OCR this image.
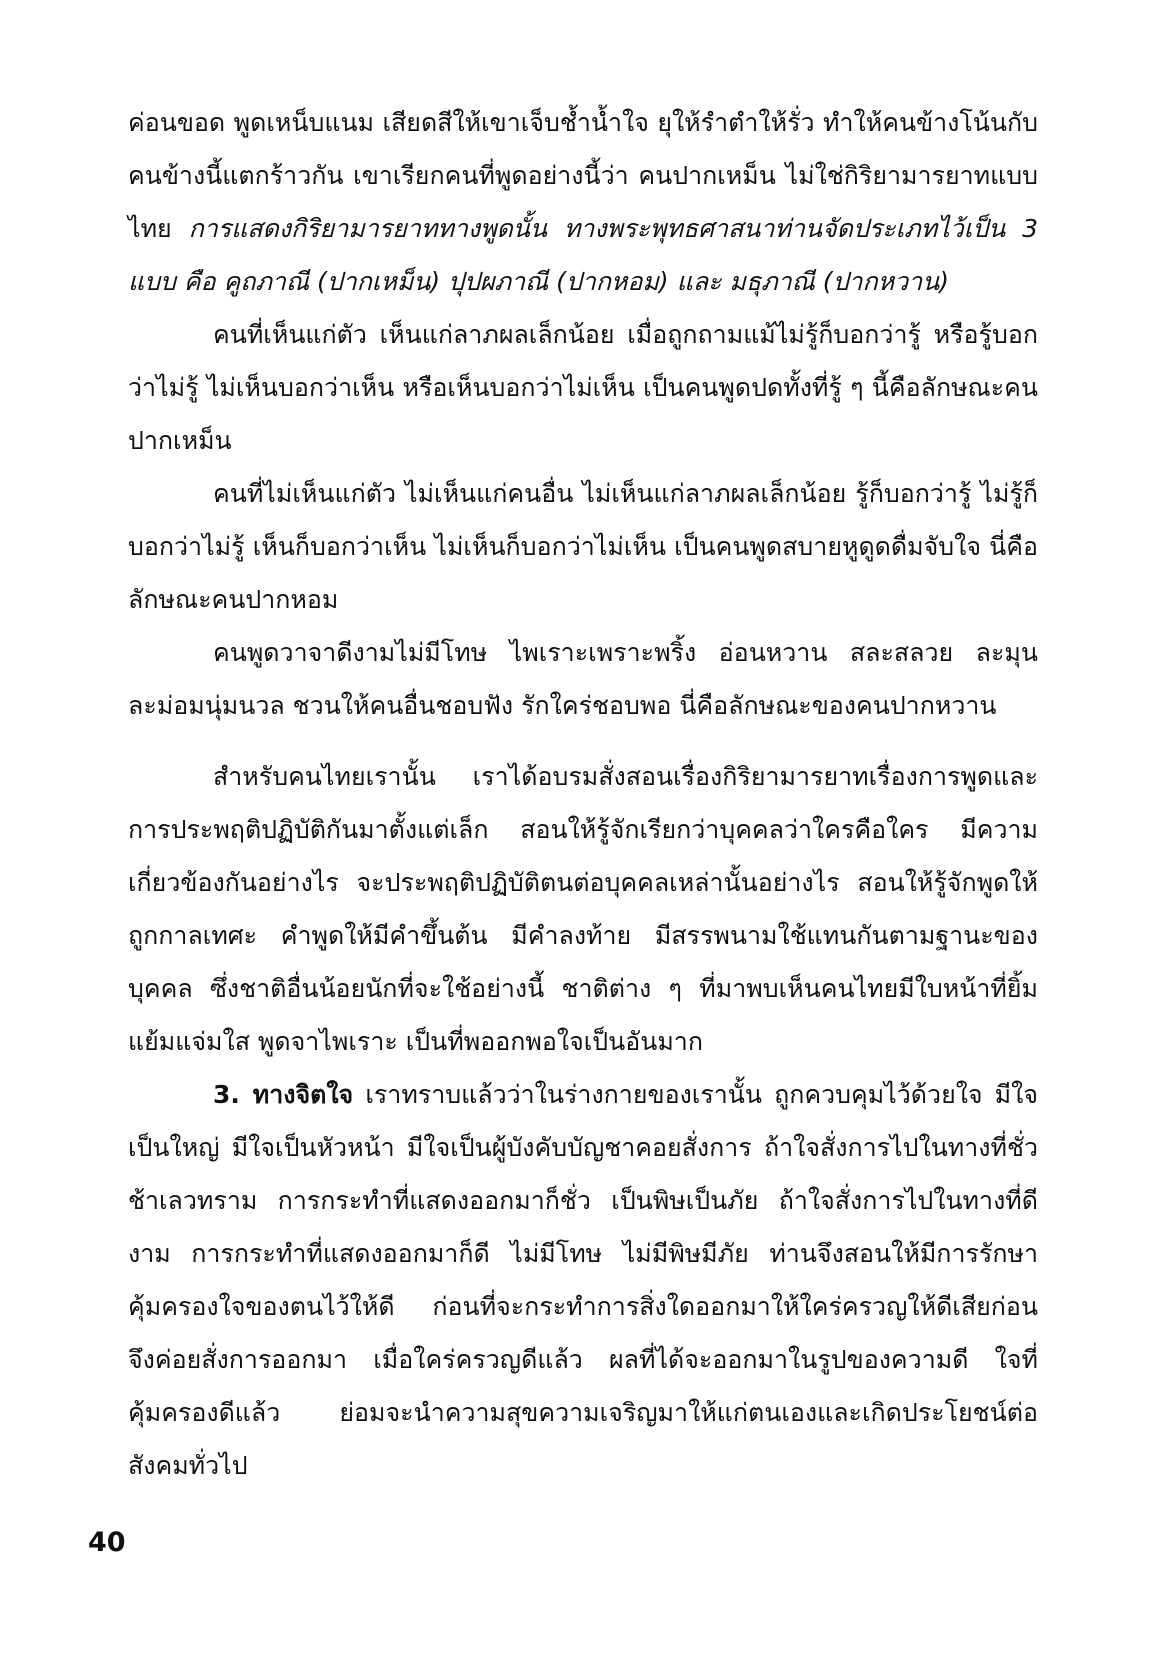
ค่อนขอด พูดเหน็บแนม เสียดสีให้เขาเจ็บช้ำน้ำใจ ยุให้รำตำให้รั่ว ทำให้คนข้างโน้นกับคนข้างนี้แตกร้าวกัน เขาเรียกคนที่พูดอย่างนี้ว่า คนปากเหม็น ไม่ใช่กิริยามารยาทแบบไทย การแสดงกิริยามารยาททางพูดนั้น ทางพระพุทธศาสนาท่านจัดประเภทไว้เป็น 3 แบบ คือ คูถภาณี (ปากเหม็น) ปุปผภาณี (ปากหอม) และ มธุภาณี (ปากหวาน)

คนที่เห็นแก่ตัว เห็นแก่ลาภผลเล็กน้อย เมื่อถูกถามแม้ไม่รู้ก็บอกว่ารู้ หรือรู้บอกว่าไม่รู้ ไม่เห็นบอกว่าเห็น หรือเห็นบอกว่าไม่เห็น เป็นคนพูดปดทั้งที่รู้ ๆ นี้คือลักษณะคนปากเหม็น

คนที่ไม่เห็นแก่ตัว ไม่เห็นแก่คนอื่น ไม่เห็นแก่ลาภผลเล็กน้อย รู้ก็บอกว่ารู้ ไม่รู้ก็บอกว่าไม่รู้ เห็นก็บอกว่าเห็น ไม่เห็นก็บอกว่าไม่เห็น เป็นคนพูดสบายหูดูดดื่มจับใจ นี่คือลักษณะคนปากหอม

คนพูดวาจาดีงามไม่มีโทษ ไพเราะเพราะพริ้ง อ่อนหวาน สละสลวย ละมุนละม่อมนุ่มนวล ชวนให้คนอื่นชอบฟัง รักใคร่ชอบพอ นี่คือลักษณะของคนปากหวาน

สำหรับคนไทยเรานั้น เราได้อบรมสั่งสอนเรื่องกิริยามารยาทเรื่องการพูดและการประพฤติปฏิบัติกันมาตั้งแต่เล็ก สอนให้รู้จักเรียกว่าบุคคลว่าใครคือใคร มีความเกี่ยวข้องกันอย่างไร จะประพฤติปฏิบัติตนต่อบุคคลเหล่านั้นอย่างไร สอนให้รู้จักพูดให้ถูกกาลเทศะ คำพูดให้มีคำขึ้นต้น มีคำลงท้าย มีสรรพนามใช้แทนกันตามฐานะของบุคคล ซึ่งชาติอื่นน้อยนักที่จะใช้อย่างนี้ ชาติต่าง ๆ ที่มาพบเห็นคนไทยมีใบหน้าที่ยิ้มแย้มแจ่มใส พูดจาไพเราะ เป็นที่พออกพอใจเป็นอันมาก

3. ทางจิตใจ เราทราบแล้วว่าในร่างกายของเรานั้น ถูกควบคุมไว้ด้วยใจ มีใจเป็นใหญ่ มีใจเป็นหัวหน้า มีใจเป็นผู้บังคับบัญชาคอยสั่งการ ถ้าใจสั่งการไปในทางที่ชั่วช้าเลวทราม การกระทำที่แสดงออกมาก็ชั่ว เป็นพิษเป็นภัย ถ้าใจสั่งการไปในทางที่ดีงาม การกระทำที่แสดงออกมาก็ดี ไม่มีโทษ ไม่มีพิษมีภัย ท่านจึงสอนให้มีการรักษาคุ้มครองใจของตนไว้ให้ดี ก่อนที่จะกระทำการสิ่งใดออกมาให้ใคร่ครวญให้ดีเสียก่อน จึงค่อยสั่งการออกมา เมื่อใคร่ครวญดีแล้ว ผลที่ได้จะออกมาในรูปของความดี ใจที่คุ้มครองดีแล้ว ย่อมจะนำความสุขความเจริญมาให้แก่ตนเองและเกิดประโยชน์ต่อสังคมทั่วไป

40
